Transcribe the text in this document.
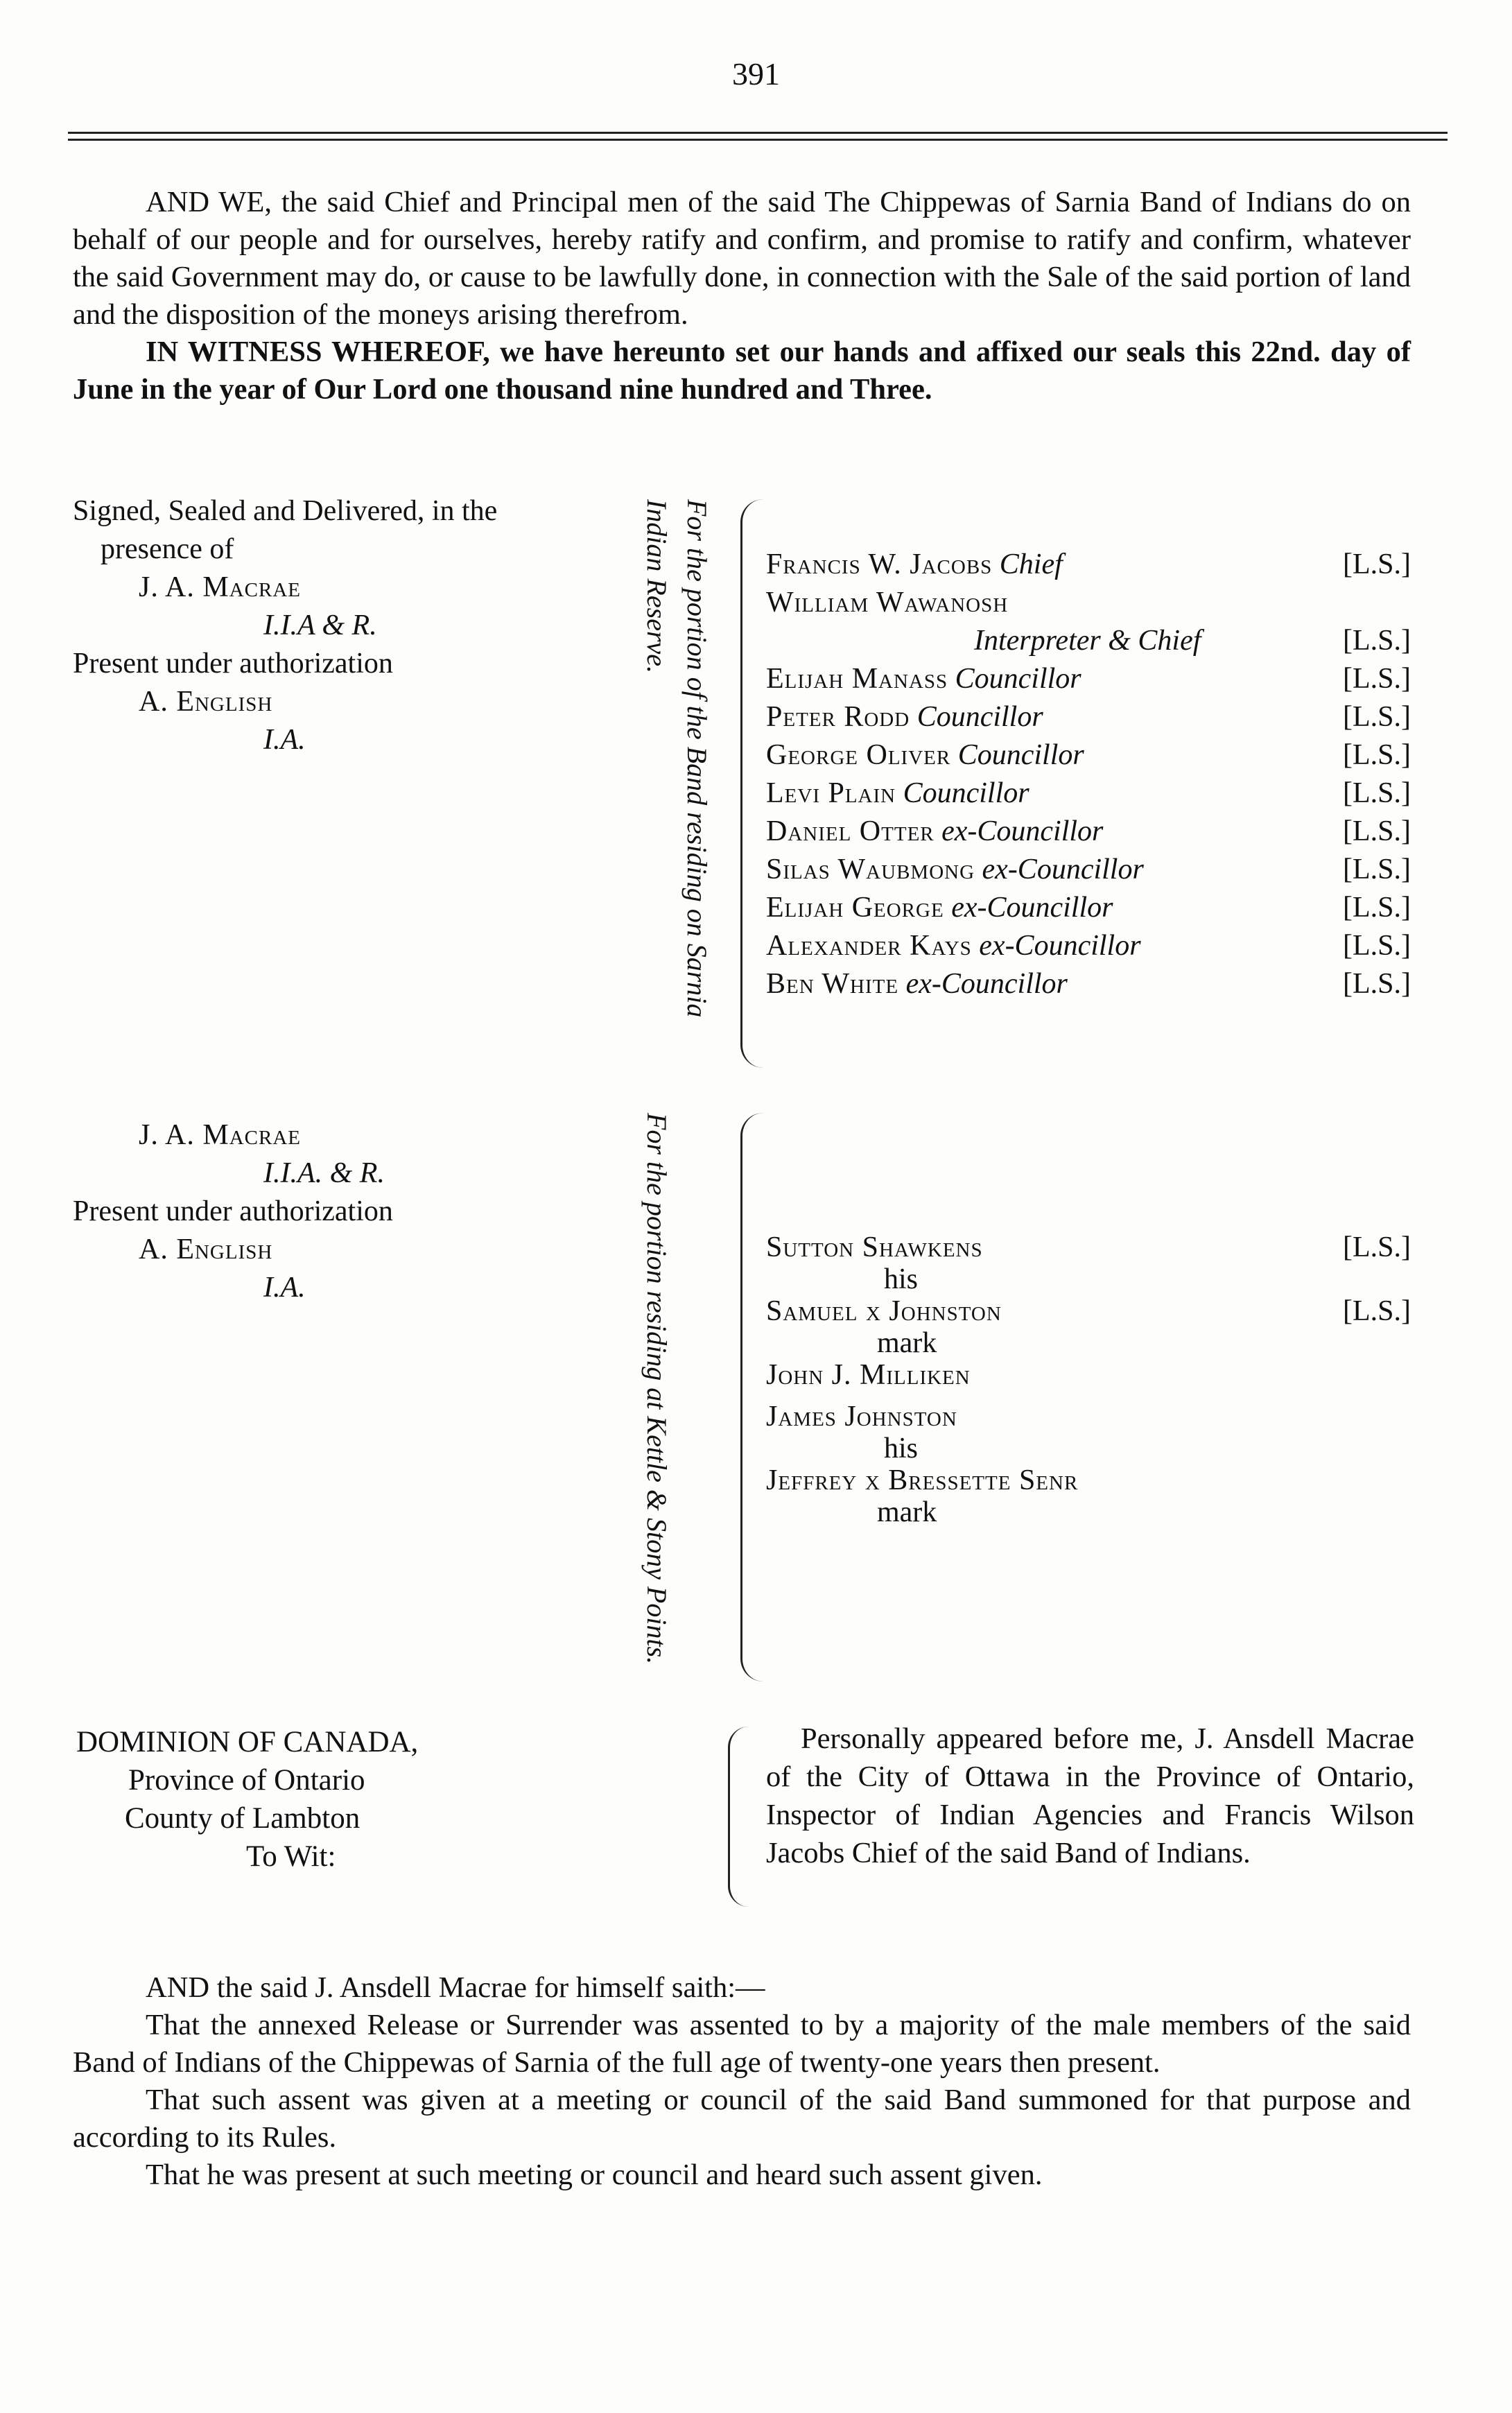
391

AND WE, the said Chief and Principal men of the said The Chippewas of Sarnia Band of Indians do on behalf of our people and for ourselves, hereby ratify and confirm, and promise to ratify and confirm, whatever the said Government may do, or cause to be lawfully done, in connection with the Sale of the said portion of land and the disposition of the moneys arising therefrom.

IN WITNESS WHEREOF, we have hereunto set our hands and affixed our seals this 22nd. day of June in the year of Our Lord one thousand nine hundred and Three.

Signed, Sealed and Delivered, in the
presence of
J. A. Macrae
I.I.A & R.
Present under authorization
A. English
I.A.	For the portion of the Band residing on Sarnia Indian Reserve.	Francis W. Jacobs Chief	[L.S.]
William Wawanosh
Interpreter & Chief	[L.S.]
Elijah Manass Councillor	[L.S.]
Peter Rodd Councillor	[L.S.]
George Oliver Councillor	[L.S.]
Levi Plain Councillor	[L.S.]
Daniel Otter ex-Councillor	[L.S.]
Silas Waubmong ex-Councillor	[L.S.]
Elijah George ex-Councillor	[L.S.]
Alexander Kays ex-Councillor	[L.S.]
Ben White ex-Councillor	[L.S.]
J. A. Macrae
I.I.A. & R.
Present under authorization
A. English
I.A.	For the portion residing at Kettle & Stony Points.	Sutton Shawkens	[L.S.]
his
Samuel x Johnston	[L.S.]
mark
John J. Milliken
James Johnston
his
Jeffrey x Bressette Senr
mark
DOMINION OF CANADA,
Province of Ontario
County of Lambton
To Wit:
Personally appeared before me, J. Ansdell Macrae of the City of Ottawa in the Province of Ontario, Inspector of Indian Agencies and Francis Wilson Jacobs Chief of the said Band of Indians.

AND the said J. Ansdell Macrae for himself saith:—

That the annexed Release or Surrender was assented to by a majority of the male members of the said Band of Indians of the Chippewas of Sarnia of the full age of twenty-one years then present.

That such assent was given at a meeting or council of the said Band summoned for that purpose and according to its Rules.

That he was present at such meeting or council and heard such assent given.
